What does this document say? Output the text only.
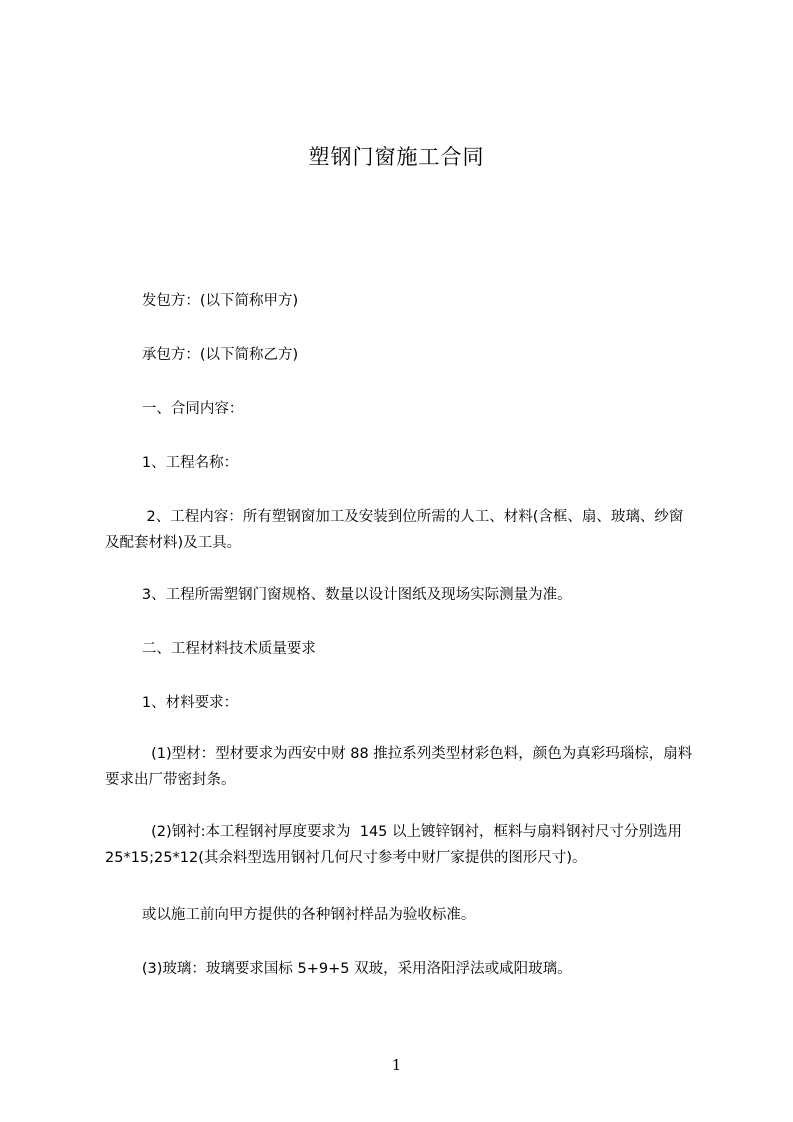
塑钢门窗施工合同
发包方：(以下简称甲方)
承包方：(以下简称乙方)
一、合同内容：
1、工程名称：
2、工程内容：所有塑钢窗加工及安装到位所需的人工、材料(含框、扇、玻璃、纱窗及配套材料)及工具。
3、工程所需塑钢门窗规格、数量以设计图纸及现场实际测量为准。
二、工程材料技术质量要求
1、材料要求：
(1)型材：型材要求为西安中财 88 推拉系列类型材彩色料，颜色为真彩玛瑙棕，扇料要求出厂带密封条。
(2)钢衬:本工程钢衬厚度要求为  145 以上镀锌钢衬，框料与扇料钢衬尺寸分别选用 25*15;25*12(其余料型选用钢衬几何尺寸参考中财厂家提供的图形尺寸)。
或以施工前向甲方提供的各种钢衬样品为验收标准。
(3)玻璃：玻璃要求国标 5+9+5 双玻，采用洛阳浮法或咸阳玻璃。
1
